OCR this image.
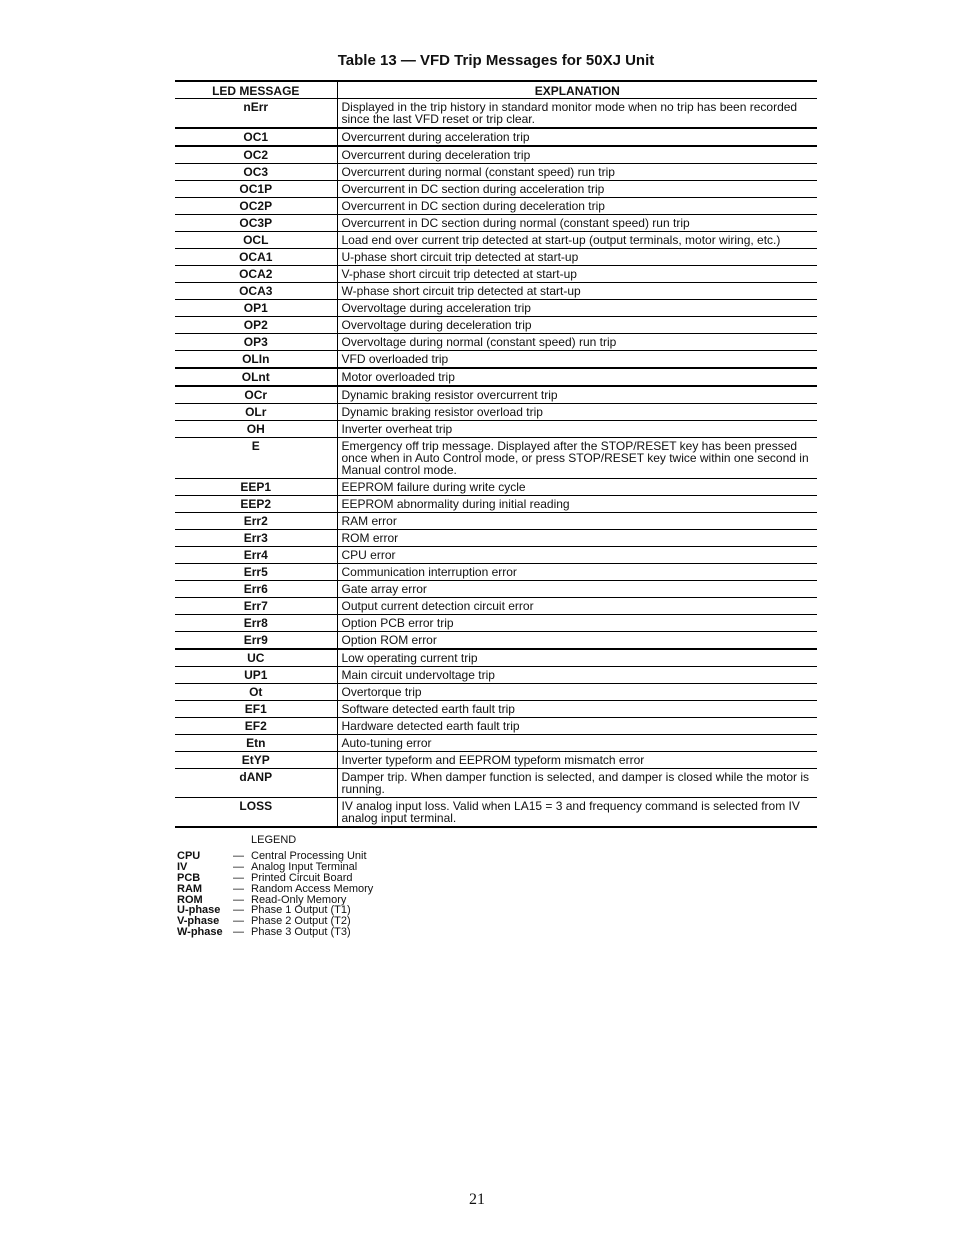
Table 13 — VFD Trip Messages for 50XJ Unit
LED MESSAGE	EXPLANATION
nErr	Displayed in the trip history in standard monitor mode when no trip has been recorded since the last VFD reset or trip clear.
OC1	Overcurrent during acceleration trip
OC2	Overcurrent during deceleration trip
OC3	Overcurrent during normal (constant speed) run trip
OC1P	Overcurrent in DC section during acceleration trip
OC2P	Overcurrent in DC section during deceleration trip
OC3P	Overcurrent in DC section during normal (constant speed) run trip
OCL	Load end over current trip detected at start-up (output terminals, motor wiring, etc.)
OCA1	U-phase short circuit trip detected at start-up
OCA2	V-phase short circuit trip detected at start-up
OCA3	W-phase short circuit trip detected at start-up
OP1	Overvoltage during acceleration trip
OP2	Overvoltage during deceleration trip
OP3	Overvoltage during normal (constant speed) run trip
OLIn	VFD overloaded trip
OLnt	Motor overloaded trip
OCr	Dynamic braking resistor overcurrent trip
OLr	Dynamic braking resistor overload trip
OH	Inverter overheat trip
E	Emergency off trip message. Displayed after the STOP/RESET key has been pressed once when in Auto Control mode, or press STOP/RESET key twice within one second in Manual control mode.
EEP1	EEPROM failure during write cycle
EEP2	EEPROM abnormality during initial reading
Err2	RAM error
Err3	ROM error
Err4	CPU error
Err5	Communication interruption error
Err6	Gate array error
Err7	Output current detection circuit error
Err8	Option PCB error trip
Err9	Option ROM error
UC	Low operating current trip
UP1	Main circuit undervoltage trip
Ot	Overtorque trip
EF1	Software detected earth fault trip
EF2	Hardware detected earth fault trip
Etn	Auto-tuning error
EtYP	Inverter typeform and EEPROM typeform mismatch error
dANP	Damper trip. When damper function is selected, and damper is closed while the motor is running.
LOSS	IV analog input loss. Valid when LA15 = 3 and frequency command is selected from IV analog input terminal.
LEGEND
CPU	— Central Processing Unit
IV	— Analog Input Terminal
PCB	— Printed Circuit Board
RAM	— Random Access Memory
ROM	— Read-Only Memory
U-phase	— Phase 1 Output (T1)
V-phase	— Phase 2 Output (T2)
W-phase — Phase 3 Output (T3)
21
